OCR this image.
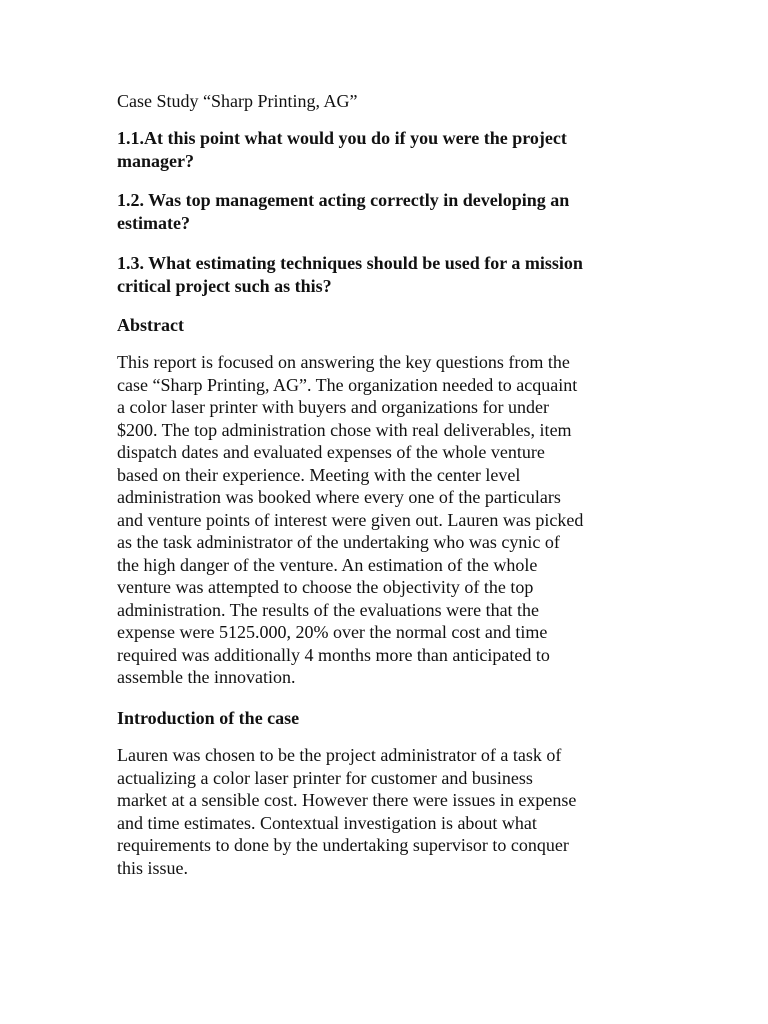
Case Study “Sharp Printing, AG”
1.1.At this point what would you do if you were the project
manager?
1.2. Was top management acting correctly in developing an
estimate?
1.3. What estimating techniques should be used for a mission
critical project such as this?
Abstract
This report is focused on answering the key questions from the
case “Sharp Printing, AG”. The organization needed to acquaint
a color laser printer with buyers and organizations for under
$200. The top administration chose with real deliverables, item
dispatch dates and evaluated expenses of the whole venture
based on their experience. Meeting with the center level
administration was booked where every one of the particulars
and venture points of interest were given out. Lauren was picked
as the task administrator of the undertaking who was cynic of
the high danger of the venture. An estimation of the whole
venture was attempted to choose the objectivity of the top
administration. The results of the evaluations were that the
expense were 5125.000, 20% over the normal cost and time
required was additionally 4 months more than anticipated to
assemble the innovation.
Introduction of the case
Lauren was chosen to be the project administrator of a task of
actualizing a color laser printer for customer and business
market at a sensible cost. However there were issues in expense
and time estimates. Contextual investigation is about what
requirements to done by the undertaking supervisor to conquer
this issue.
